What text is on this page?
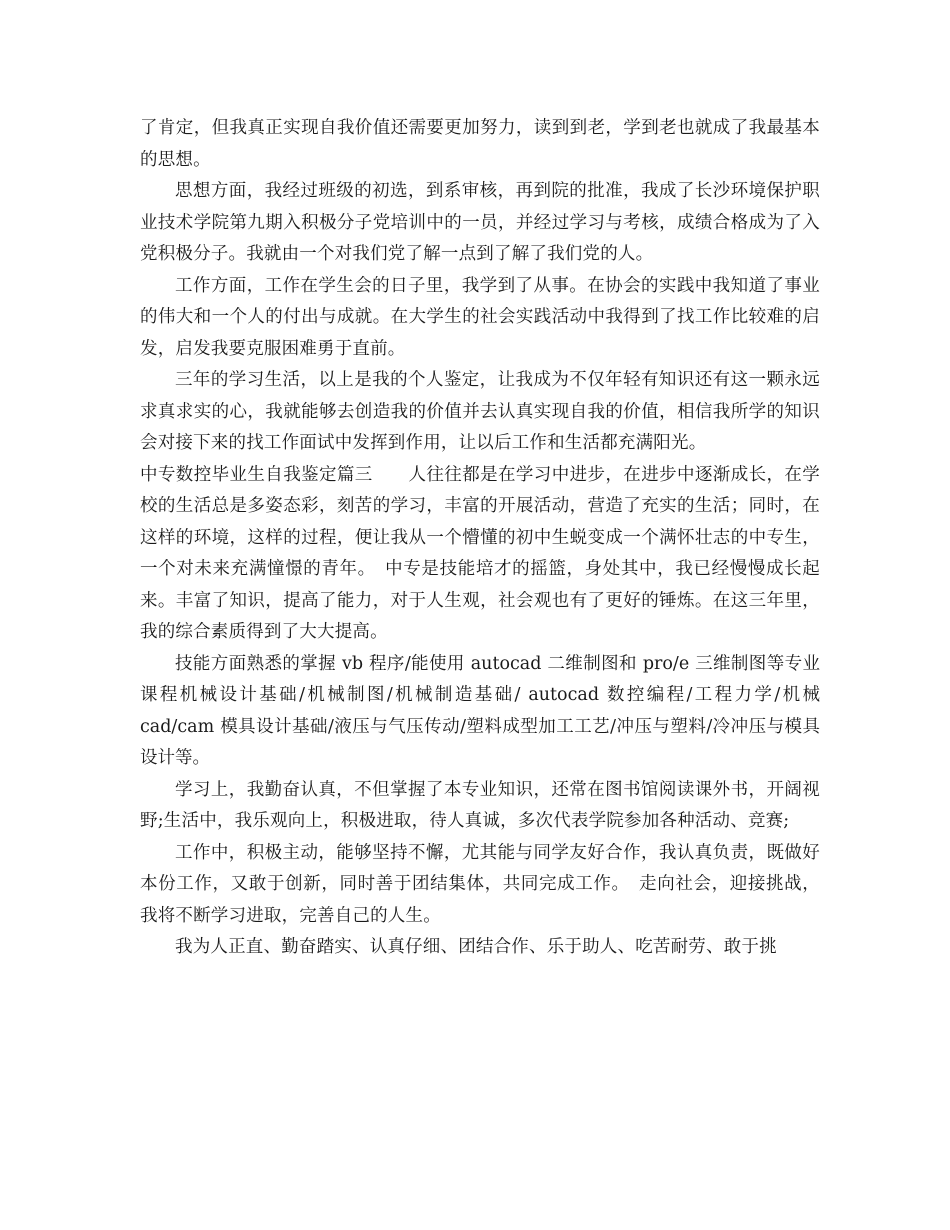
了肯定，但我真正实现自我价值还需要更加努力，读到到老，学到老也就成了我最基本的思想。

思想方面，我经过班级的初选，到系审核，再到院的批准，我成了长沙环境保护职业技术学院第九期入积极分子党培训中的一员，并经过学习与考核，成绩合格成为了入党积极分子。我就由一个对我们党了解一点到了解了我们党的人。

工作方面，工作在学生会的日子里，我学到了从事。在协会的实践中我知道了事业的伟大和一个人的付出与成就。在大学生的社会实践活动中我得到了找工作比较难的启发，启发我要克服困难勇于直前。

三年的学习生活，以上是我的个人鉴定，让我成为不仅年轻有知识还有这一颗永远求真求实的心，我就能够去创造我的价值并去认真实现自我的价值，相信我所学的知识会对接下来的找工作面试中发挥到作用，让以后工作和生活都充满阳光。

中专数控毕业生自我鉴定篇三　　人往往都是在学习中进步，在进步中逐渐成长，在学校的生活总是多姿态彩，刻苦的学习，丰富的开展活动，营造了充实的生活；同时，在这样的环境，这样的过程，便让我从一个懵懂的初中生蜕变成一个满怀壮志的中专生，一个对未来充满憧憬的青年。　中专是技能培才的摇篮，身处其中，我已经慢慢成长起来。丰富了知识，提高了能力，对于人生观，社会观也有了更好的锤炼。在这三年里，我的综合素质得到了大大提高。

技能方面熟悉的掌握 vb 程序/能使用 autocad 二维制图和 pro/e 三维制图等专业课程机械设计基础/机械制图/机械制造基础/ autocad 数控编程/工程力学/机械 cad/cam 模具设计基础/液压与气压传动/塑料成型加工工艺/冲压与塑料/冷冲压与模具设计等。

学习上，我勤奋认真，不但掌握了本专业知识，还常在图书馆阅读课外书，开阔视野;生活中，我乐观向上，积极进取，待人真诚，多次代表学院参加各种活动、竞赛;

工作中，积极主动，能够坚持不懈，尤其能与同学友好合作，我认真负责，既做好本份工作，又敢于创新，同时善于团结集体，共同完成工作。　走向社会，迎接挑战，我将不断学习进取，完善自己的人生。

我为人正直、勤奋踏实、认真仔细、团结合作、乐于助人、吃苦耐劳、敢于挑
